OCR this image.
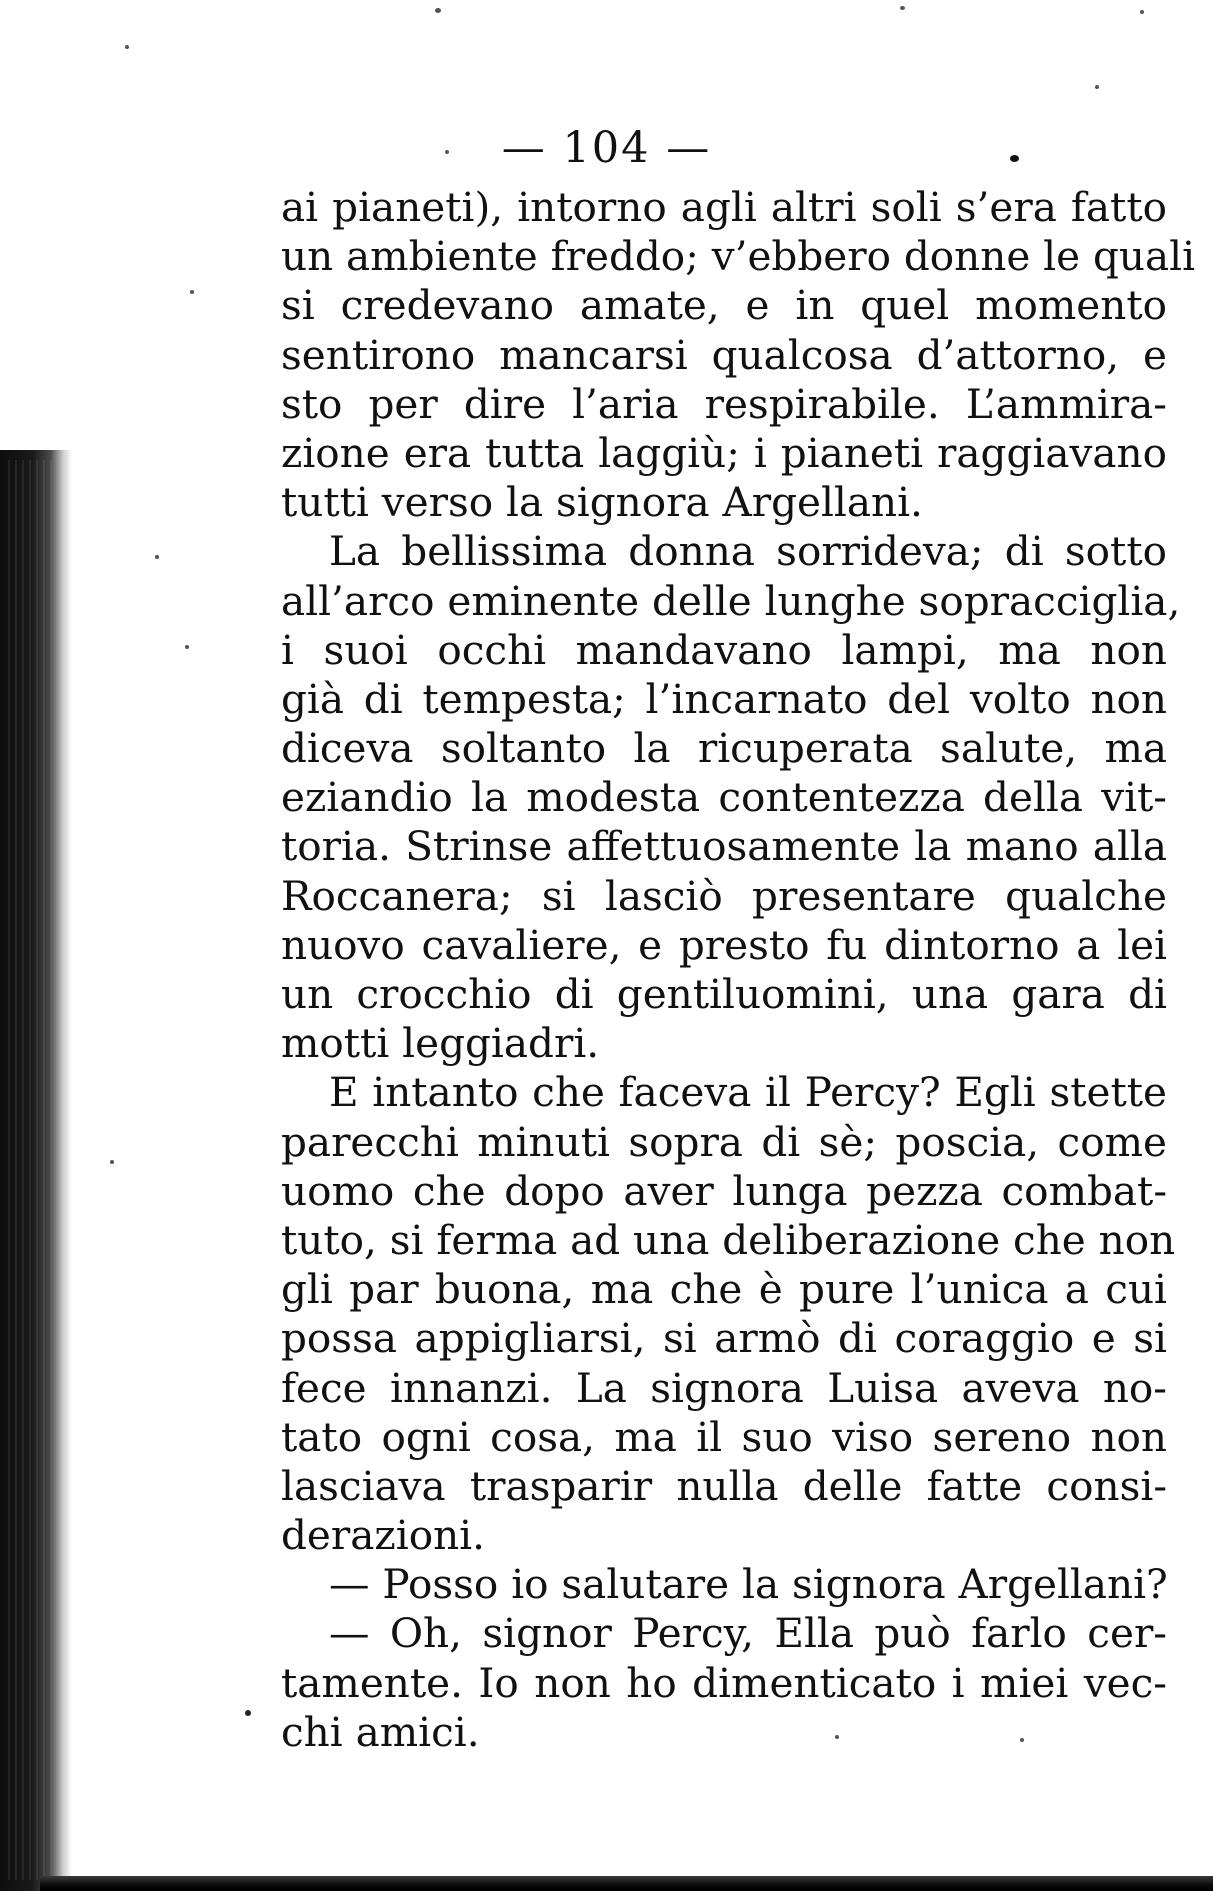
— 104 —
ai pianeti), intorno agli altri soli s’era fatto
un ambiente freddo; v’ebbero donne le quali
si credevano amate, e in quel momento
sentirono mancarsi qualcosa d’attorno, e
sto per dire l’aria respirabile. L’ammira-
zione era tutta laggiù; i pianeti raggiavano
tutti verso la signora Argellani.
La bellissima donna sorrideva; di sotto
all’arco eminente delle lunghe sopracciglia,
i suoi occhi mandavano lampi, ma non
già di tempesta; l’incarnato del volto non
diceva soltanto la ricuperata salute, ma
eziandio la modesta contentezza della vit-
toria. Strinse affettuosamente la mano alla
Roccanera; si lasciò presentare qualche
nuovo cavaliere, e presto fu dintorno a lei
un crocchio di gentiluomini, una gara di
motti leggiadri.
E intanto che faceva il Percy? Egli stette
parecchi minuti sopra di sè; poscia, come
uomo che dopo aver lunga pezza combat-
tuto, si ferma ad una deliberazione che non
gli par buona, ma che è pure l’unica a cui
possa appigliarsi, si armò di coraggio e si
fece innanzi. La signora Luisa aveva no-
tato ogni cosa, ma il suo viso sereno non
lasciava trasparir nulla delle fatte consi-
derazioni.
— Posso io salutare la signora Argellani?
— Oh, signor Percy, Ella può farlo cer-
tamente. Io non ho dimenticato i miei vec-
chi amici.
